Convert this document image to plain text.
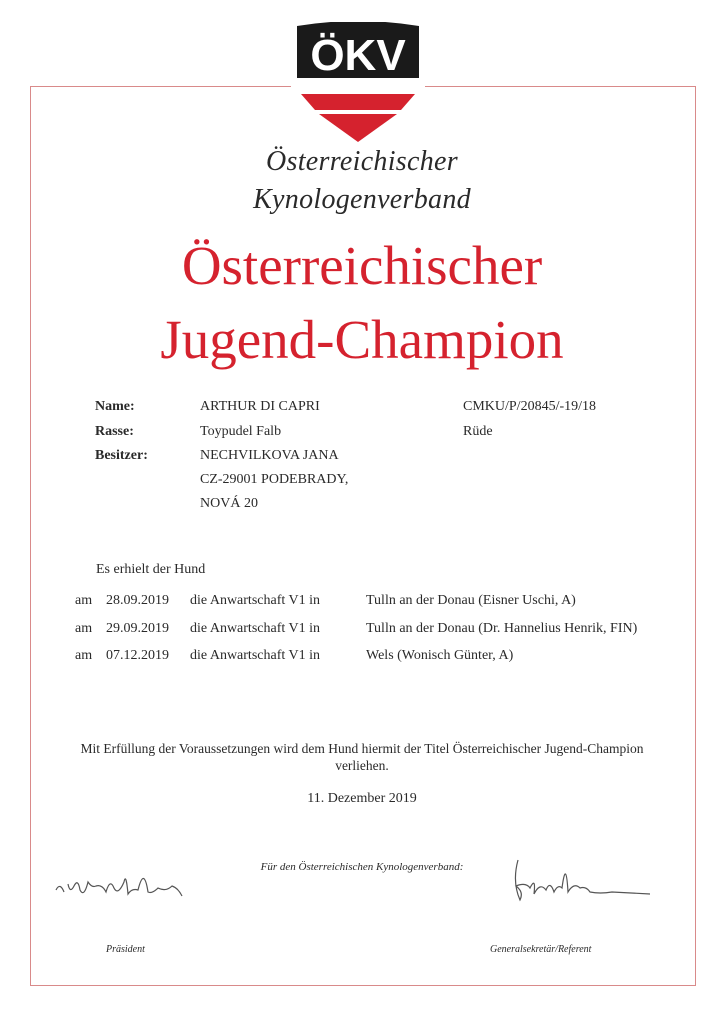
ÖKV
Österreichischer
Kynologenverband
Österreichischer
Jugend-Champion
Name:	ARTHUR DI CAPRI	CMKU/P/20845/-19/18
Rasse:	Toypudel Falb	Rüde
Besitzer:	NECHVILKOVA JANA
CZ-29001 PODEBRADY,
NOVÁ 20
Es erhielt der Hund
am 28.09.2019 die Anwartschaft V1 in	Tulln an der Donau (Eisner Uschi, A)
am 29.09.2019 die Anwartschaft V1 in	Tulln an der Donau (Dr. Hannelius Henrik, FIN)
am 07.12.2019 die Anwartschaft V1 in	Wels (Wonisch Günter, A)
Mit Erfüllung der Voraussetzungen wird dem Hund hiermit der Titel Österreichischer Jugend-Champion
verliehen.
11. Dezember 2019
Für den Österreichischen Kynologenverband:
Präsident	Generalsekretär/Referent
